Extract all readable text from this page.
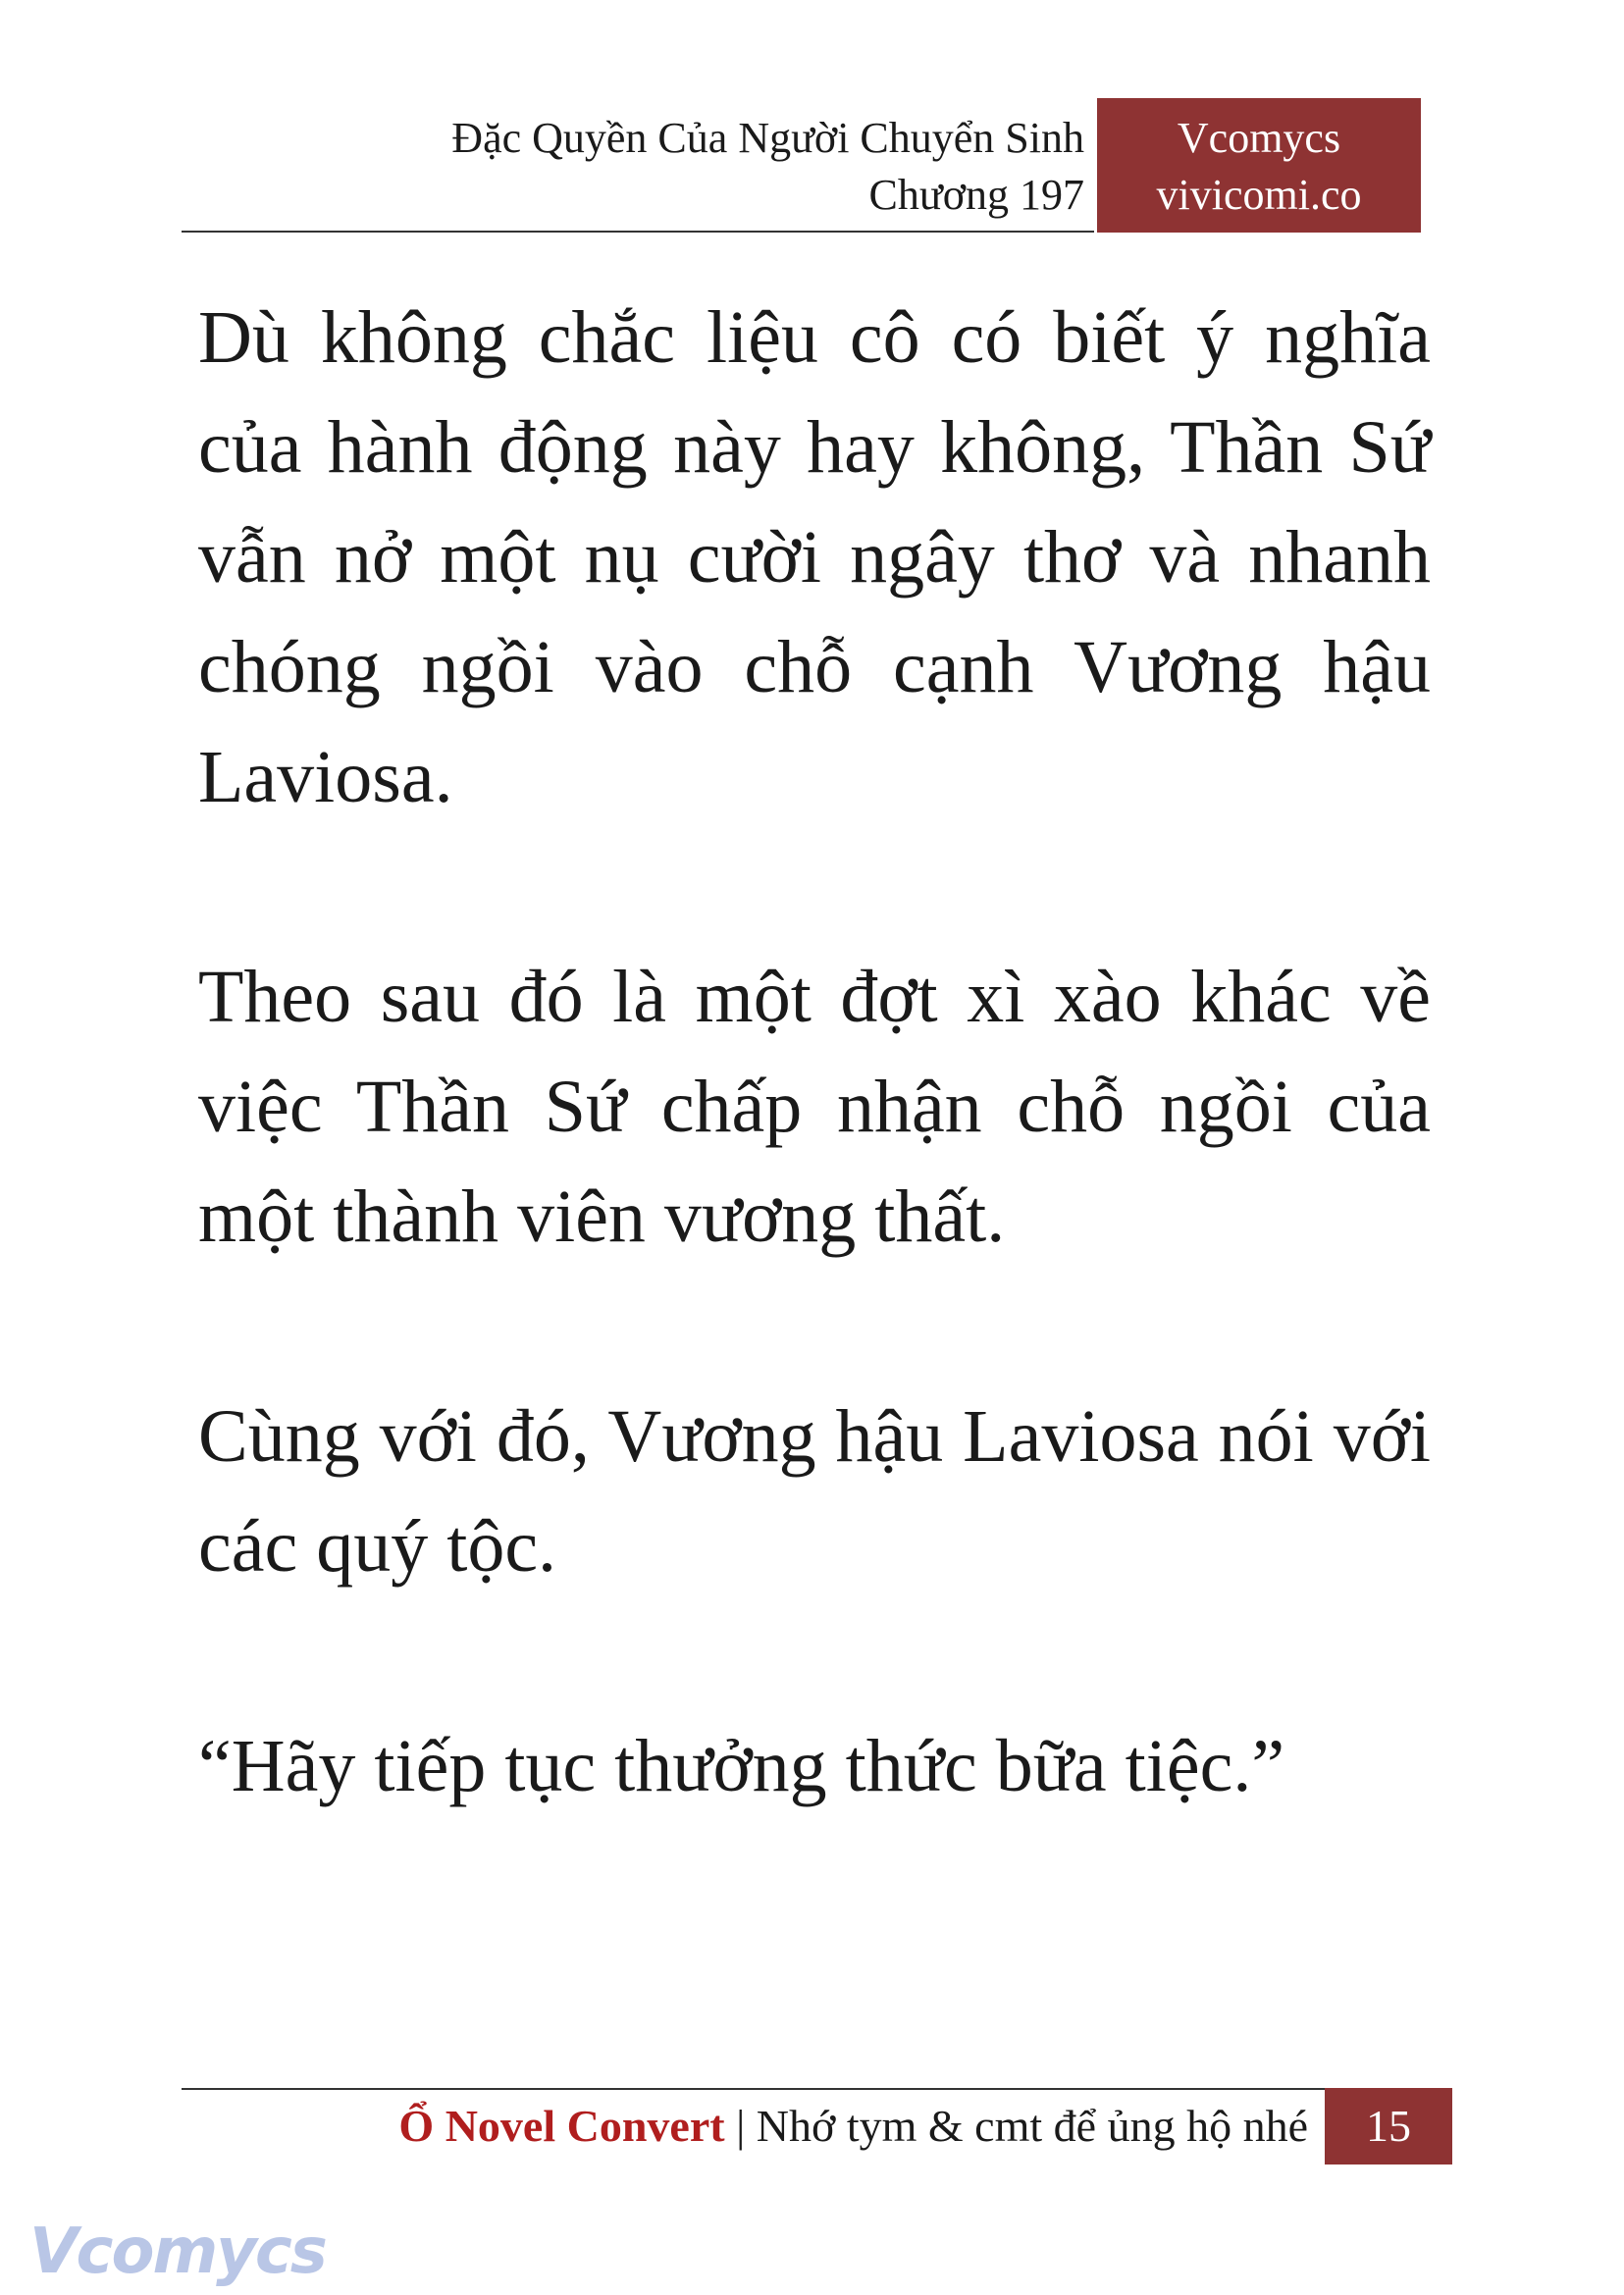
Đặc Quyền Của Người Chuyển Sinh
Chương 197
Vcomycs
vivicomi.co

Dù không chắc liệu cô có biết ý nghĩa của hành động này hay không, Thần Sứ vẫn nở một nụ cười ngây thơ và nhanh chóng ngồi vào chỗ cạnh Vương hậu Laviosa.

Theo sau đó là một đợt xì xào khác về việc Thần Sứ chấp nhận chỗ ngồi của một thành viên vương thất.

Cùng với đó, Vương hậu Laviosa nói với các quý tộc.

“Hãy tiếp tục thưởng thức bữa tiệc.”

Ổ Novel Convert | Nhớ tym & cmt để ủng hộ nhé	15
Vcomycs
